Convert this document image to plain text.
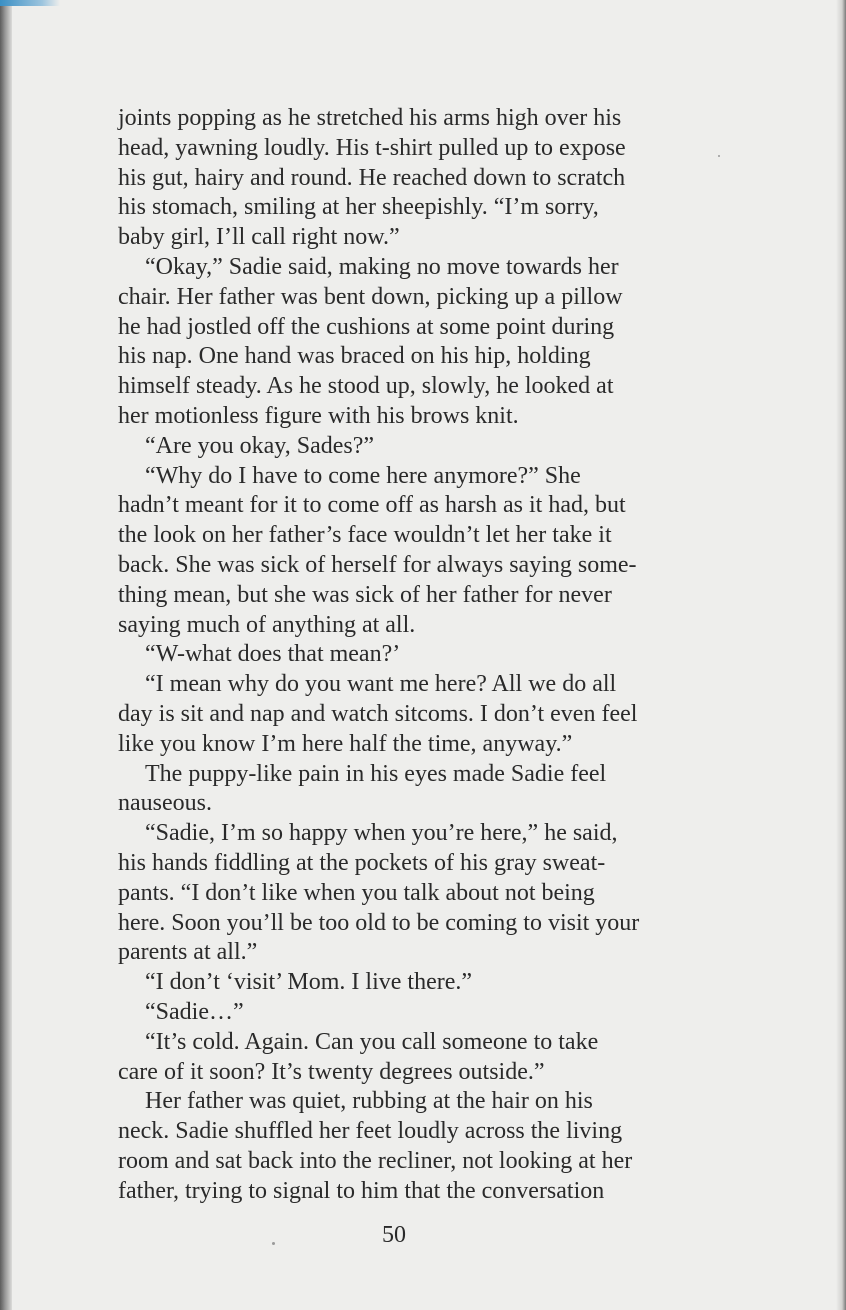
joints popping as he stretched his arms high over his
head, yawning loudly. His t-shirt pulled up to expose
his gut, hairy and round. He reached down to scratch
his stomach, smiling at her sheepishly. “I’m sorry,
baby girl, I’ll call right now.”
“Okay,” Sadie said, making no move towards her
chair. Her father was bent down, picking up a pillow
he had jostled off the cushions at some point during
his nap. One hand was braced on his hip, holding
himself steady. As he stood up, slowly, he looked at
her motionless figure with his brows knit.
“Are you okay, Sades?”
“Why do I have to come here anymore?” She
hadn’t meant for it to come off as harsh as it had, but
the look on her father’s face wouldn’t let her take it
back. She was sick of herself for always saying some-
thing mean, but she was sick of her father for never
saying much of anything at all.
“W-what does that mean?’
“I mean why do you want me here? All we do all
day is sit and nap and watch sitcoms. I don’t even feel
like you know I’m here half the time, anyway.”
The puppy-like pain in his eyes made Sadie feel
nauseous.
“Sadie, I’m so happy when you’re here,” he said,
his hands fiddling at the pockets of his gray sweat-
pants. “I don’t like when you talk about not being
here. Soon you’ll be too old to be coming to visit your
parents at all.”
“I don’t ‘visit’ Mom. I live there.”
“Sadie…”
“It’s cold. Again. Can you call someone to take
care of it soon? It’s twenty degrees outside.”
Her father was quiet, rubbing at the hair on his
neck. Sadie shuffled her feet loudly across the living
room and sat back into the recliner, not looking at her
father, trying to signal to him that the conversation
50
